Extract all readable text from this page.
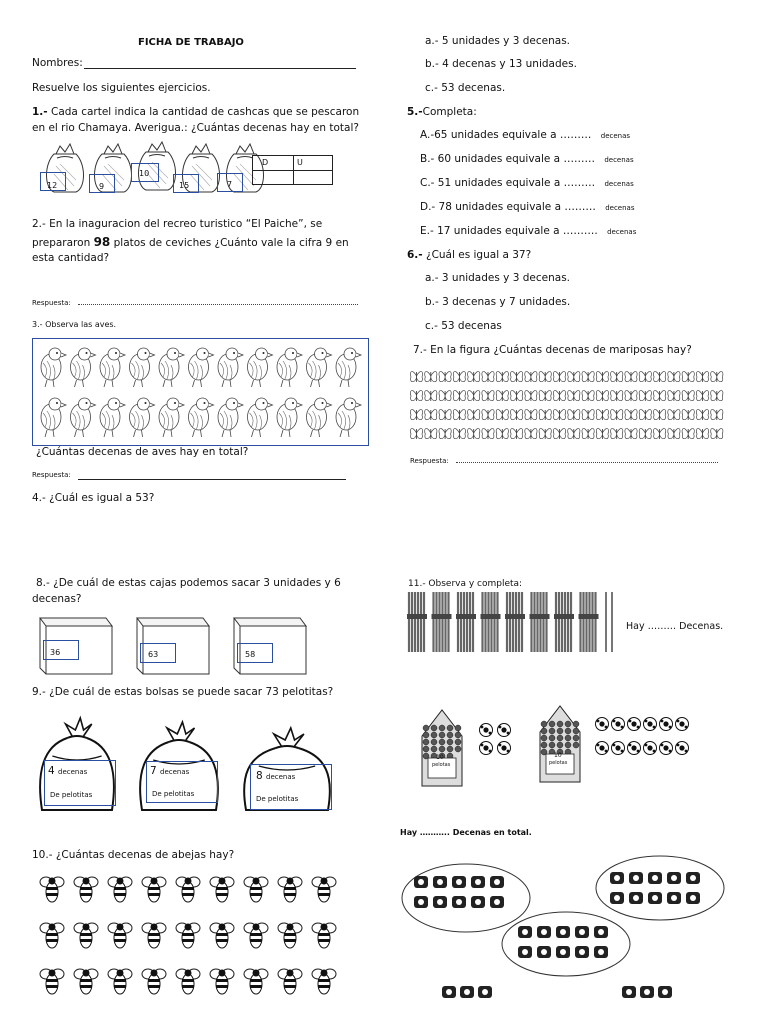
FICHA DE TRABAJO
Nombres:
Resuelve los siguientes ejercicios.
1.- Cada cartel indica la cantidad de cashcas que se pescaron
en el rio Chamaya. Averigua.: ¿Cuántas decenas hay en total?
12	9
10
15	7
D	U
2.- En la inaguracion del recreo turistico “El Paiche”, se
prepararon 98 platos de ceviches ¿Cuánto vale la cifra 9 en
esta cantidad?
Respuesta:
3.- Observa las aves.
¿Cuántas decenas de aves hay en total?
Respuesta:
4.- ¿Cuál es igual a 53?
a.- 5 unidades y 3 decenas.
b.- 4 decenas y 13 unidades.
c.- 53 decenas.
5.-Completa:
A.-65 unidades equivale a ……… decenas
B.- 60 unidades equivale a ……… decenas
C.- 51 unidades equivale a ……… decenas
D.- 78 unidades equivale a ……… decenas
E.- 17 unidades equivale a ………. decenas
6.- ¿Cuál es igual a 37?
a.- 3 unidades y 3 decenas.
b.- 3 decenas y 7 unidades.
c.- 53 decenas
7.- En la figura ¿Cuántas decenas de mariposas hay?
Respuesta:
8.- ¿De cuál de estas cajas podemos sacar 3 unidades y 6
decenas?
36	63	58
9.- ¿De cuál de estas bolsas se puede sacar 73 pelotitas?
4 decenas
De pelotitas
7 decenas
De pelotitas
8 decenas
De pelotitas
10.- ¿Cuántas decenas de abejas hay?
11.- Observa y completa:
Hay ……… Decenas.
10
pelotas
10
pelotas
Hay ……….. Decenas en total.
